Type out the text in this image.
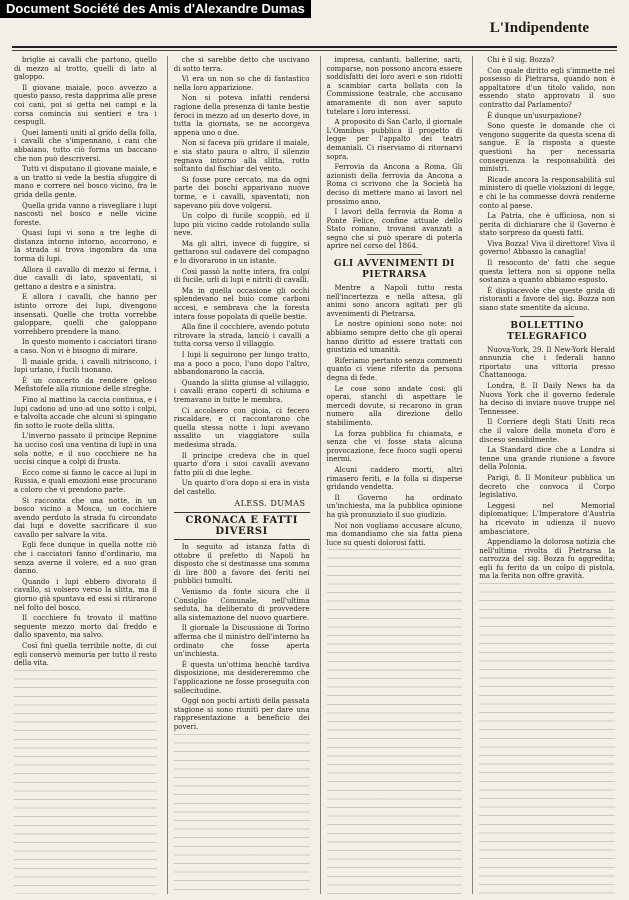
Document Société des Amis d'Alexandre Dumas
L'Indipendente

briglie ai cavalli che partono, quello di mezzo al trotto, quelli di lato al galoppo.

Il giovane maiale, poco avvezzo a questo passo, resta dapprima alle prese coi cani, poi si getta nei campi e la corsa comincia sui sentieri e tra i cespugli.

Quei lamenti uniti al grido della folla, i cavalli che s'impennano, i cani che abbaiano, tutto ciò forma un baccano che non può descriversi.

Tutti vi disputano il giovane maiale, e a un tratto si vede la bestia sfuggire di mano e correre nel bosco vicino, fra le grida della gente.

Quella grida vanno a risvegliare i lupi nascosti nel bosco e nelle vicine foreste.

Quasi lupi vi sono a tre leghe di distanza intorno intorno, accorrono, e la strada si trova ingombra da una torma di lupi.

Allora il cavallo di mezzo si ferma, i due cavalli di lato, spaventati, si gettano a destra e a sinistra.

E allora i cavalli, che hanno per istinto orrore dei lupi, divengono insensati. Quelle che trotta vorrebbe galoppare, quelli che galoppano vorrebbero prendere la mano.

In questo momento i cacciatori tirano a caso. Non vi è bisogno di mirare.

Il maiale grida, i cavalli nitriscono, i lupi urlano, i fucili tuonano.

È un concerto da rendere geloso Mefistofele alla riunione delle streghe.

Fino al mattino la caccia continua, e i lupi cadono ad uno ad uno sotto i colpi, e talvolta accade che alcuni si spingano fin sotto le ruote della slitta.

L'inverno passato il principe Repnine ha ucciso così una ventina di lupi in una sola notte, e il suo cocchiere ne ha uccisi cinque a colpi di frusta.

Ecco come si fanno le cacce ai lupi in Russia, e quali emozioni esse procurano a coloro che vi prendono parte.

Si racconta che una notte, in un bosco vicino a Mosca, un cocchiere avendo perduto la strada fu circondato dai lupi e dovette sacrificare il suo cavallo per salvare la vita.

Egli fece dunque in quella notte ciò che i cacciatori fanno d'ordinario, ma senza averne il volere, ed a suo gran danno.

Quando i lupi ebbero divorato il cavallo, si volsero verso la slitta, ma il giorno già spuntava ed essi si ritirarono nel folto del bosco.

Il cocchiere fu trovato il mattino seguente mezzo morto dal freddo e dallo spavento, ma salvo.

Così finì quella terribile notte, di cui egli conservò memoria per tutto il resto della vita.

che si sarebbe detto che uscivano di sotto terra.

Vi era un non so che di fantastico nella loro apparizione.

Non si poteva infatti rendersi ragione della presenza di tante bestie feroci in mezzo ad un deserto dove, in tutta la giornata, se ne accorgeva appena uno o due.

Non si faceva più gridare il maiale, e sia stato paura o altro, il silenzio regnava intorno alla slitta, rotto soltanto dal fischiar del vento.

Si fosse pure cercato, ma da ogni parte dei boschi apparivano nuove torme, e i cavalli, spaventati, non sapevano più dove volgersi.

Un colpo di fucile scoppiò, ed il lupo più vicino cadde rotolando sulla neve.

Ma gli altri, invece di fuggire, si gettarono sul cadavere del compagno e lo divorarono in un istante.

Così passò la notte intera, fra colpi di fucile, urli di lupi e nitriti di cavalli.

Ma in quella occasione gli occhi splendevano nel buio come carboni accesi, e sembrava che la foresta intera fosse popolata di quelle bestie.

Alla fine il cocchiere, avendo potuto ritrovare la strada, lanciò i cavalli a tutta corsa verso il villaggio.

I lupi li seguirono per lungo tratto, ma a poco a poco, l'uno dopo l'altro, abbandonarono la caccia.

Quando la slitta giunse al villaggio, i cavalli erano coperti di schiuma e tremavano in tutte le membra.

Ci accolsero con gioia, ci fecero riscaldare, e ci raccontarono che quella stessa notte i lupi avevano assalito un viaggiatore sulla medesima strada.

Il principe credeva che in quel quarto d'ora i suoi cavalli avevano fatto più di due leghe.

Un quarto d'ora dopo si era in vista del castello.

ALESS. DUMAS
CRONACA E FATTI DIVERSI

In seguito ad istanza fatta di ottobre il prefetto di Napoli ha disposto che si destinasse una somma di lire 800 a favore dei feriti nei pubblici tumulti.

Veniamo da fonte sicura che il Consiglio Comunale, nell'ultima seduta, ha deliberato di provvedere alla sistemazione del nuovo quartiere.

Il giornale la Discussione di Torino afferma che il ministro dell'interno ha ordinato che fosse aperta un'inchiesta.

È questa un'ottima benchè tardiva disposizione, ma desidereremmo che l'applicazione ne fosse proseguita con sollecitudine.

Oggi non pochi artisti della passata stagione si sono riuniti per dare una rappresentazione a beneficio dei poveri.

impresa, cantanti, ballerine, sarti, comparse, non possono ancora essere soddisfatti dei loro averi e son ridotti a scambiar carta bollata con la Commissione teatrale, che accusano amaramente di non aver saputo tutelare i loro interessi.

A proposito di San Carlo, il giornale L'Omnibus pubblica il progetto di legge per l'appalto dei teatri demaniali. Ci riserviamo di ritornarvi sopra.

Ferrovia da Ancona a Roma. Gli azionisti della ferrovia da Ancona a Roma ci scrivono che la Società ha deciso di mettere mano ai lavori nel prossimo anno.

I lavori della ferrovia da Roma a Ponte Felice, confine attuale dello Stato romano, trovansi avanzati a segno che si può sperare di poterla aprire nel corso del 1864.

GLI AVVENIMENTI DI PIETRARSA

Mentre a Napoli tutto resta nell'incertezza e nella attesa, gli animi sono ancora agitati per gli avvenimenti di Pietrarsa.

Le nostre opinioni sono note: noi abbiamo sempre detto che gli operai hanno diritto ad essere trattati con giustizia ed umanità.

Riferiamo pertanto senza commenti quanto ci viene riferito da persona degna di fede.

Le cose sono andate cosi: gli operai, stanchi di aspettare le mercedi dovute, si recarono in gran numero alla direzione dello stabilimento.

La forza pubblica fu chiamata, e senza che vi fosse stata alcuna provocazione, fece fuoco sugli operai inermi.

Alcuni caddero morti, altri rimasero feriti, e la folla si disperse gridando vendetta.

Il Governo ha ordinato un'inchiesta, ma la pubblica opinione ha già pronunziato il suo giudizio.

Noi non vogliamo accusare alcuno, ma domandiamo che sia fatta piena luce su questi dolorosi fatti.

Chi è il sig. Bozza?

Con quale diritto egli s'immette nel possesso di Pietrarsa, quando non è appaltatore d'un titolo valido, non essendo stato approvato il suo contratto dal Parlamento?

È dunque un'usurpazione?

Sono queste le domande che ci vengono suggerite da questa scena di sangue. E la risposta a queste questioni ha per necessaria conseguenza la responsabilità dei ministri.

Ricade ancora la responsabilità sul ministero di quelle violazioni di legge, e chi le ha commesse dovrà renderne conto al paese.

La Patria, che è ufficiosa, non si perita di dichiarare che il Governo è stato sorpreso da questi fatti.

Viva Bozza! Viva il direttore! Viva il governo! Abbasso la canaglia!

Il resoconto de' fatti che segue questa lettera non si oppone nella sostanza a quanto abbiamo esposto.

È dispiacevole che queste grida di ristoranti a favore del sig. Bozza non siano state smentite da alcuno.

BOLLETTINO TELEGRAFICO

Nuova-York, 29. Il New-York Herald annunzia che i federali hanno riportato una vittoria presso Chattanooga.

Londra, 8. Il Daily News ha da Nuova York che il governo federale ha deciso di inviare nuove truppe nel Tennessee.

Il Corriere degli Stati Uniti reca che il valore della moneta d'oro è disceso sensibilmente.

La Standard dice che a Londra si tenne una grande riunione a favore della Polonia.

Parigi, 8. Il Moniteur pubblica un decreto che convoca il Corpo legislativo.

Leggesi nel Memorial diplomatique: L'Imperatore d'Austria ha ricevuto in udienza il nuovo ambasciatore.

Appendiamo la dolorosa notizia che nell'ultima rivolta di Pietrarsa la carrozza del sig. Bozza fu aggredita; egli fu ferito da un colpo di pistola, ma la ferita non offre gravità.
